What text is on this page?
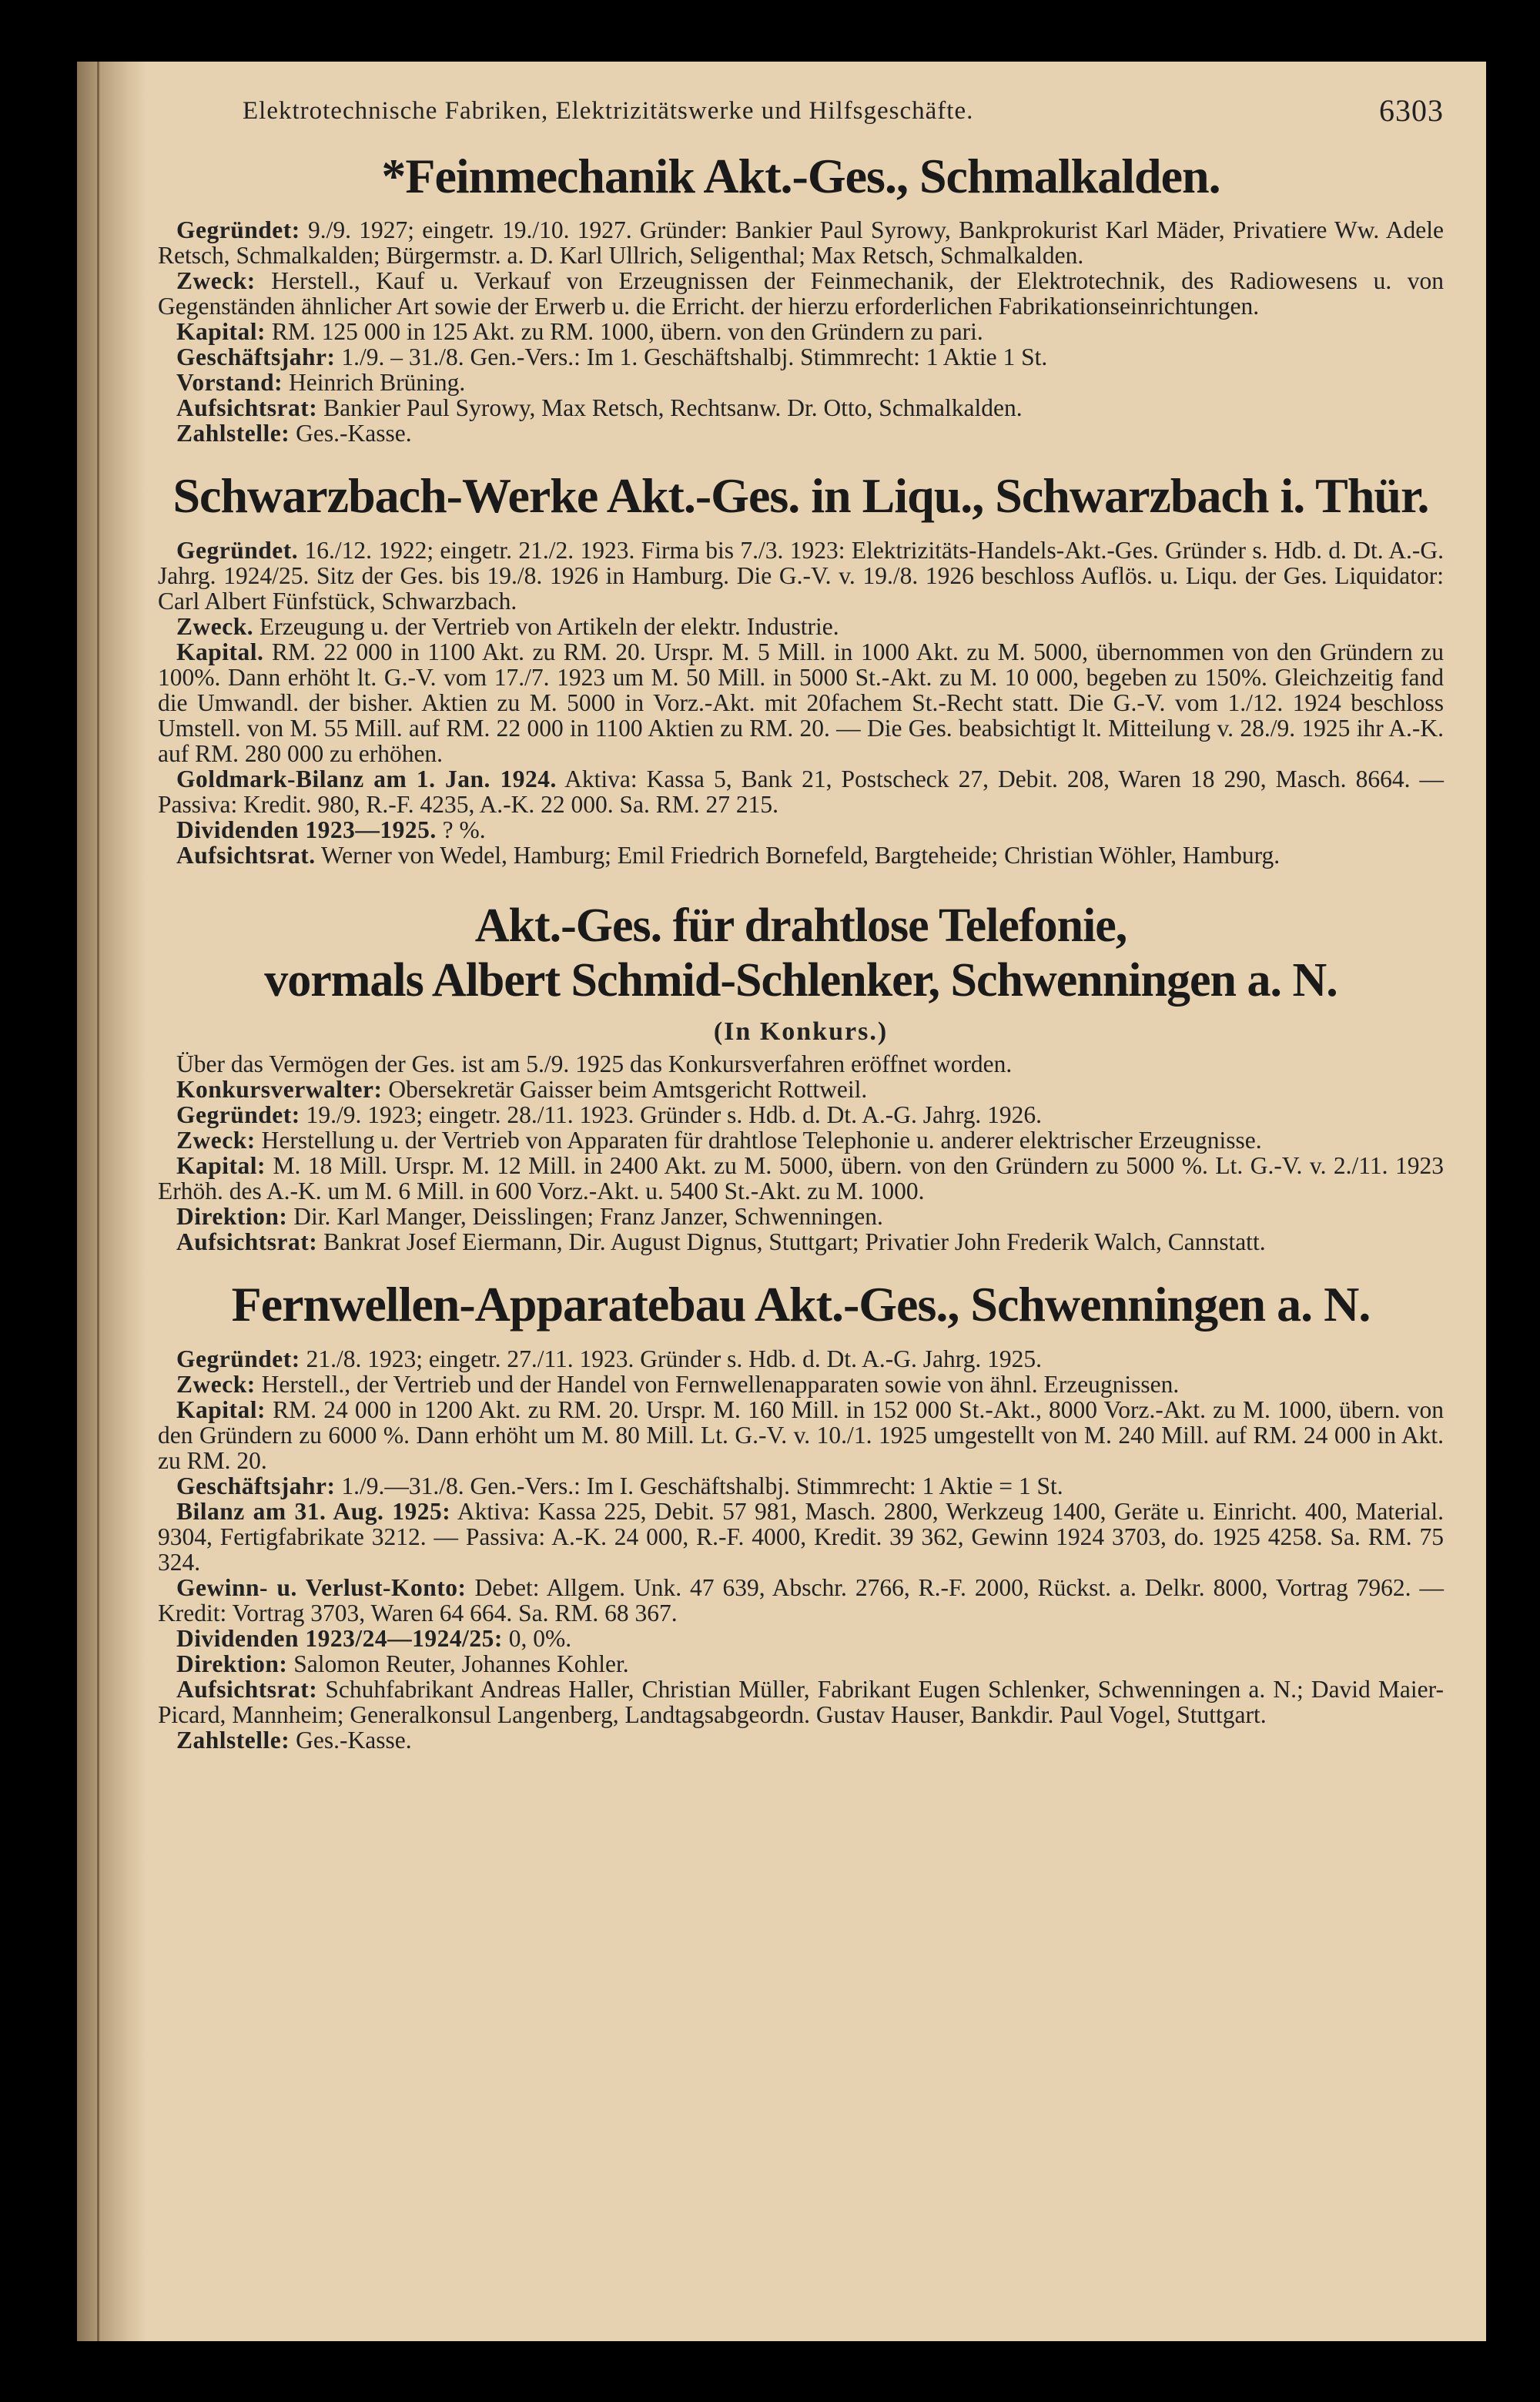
Elektrotechnische Fabriken, Elektrizitätswerke und Hilfsgeschäfte.	6303
*Feinmechanik Akt.-Ges., Schmalkalden.

Gegründet: 9./9. 1927; eingetr. 19./10. 1927. Gründer: Bankier Paul Syrowy, Bankprokurist Karl Mäder, Privatiere Ww. Adele Retsch, Schmalkalden; Bürgermstr. a. D. Karl Ullrich, Seligenthal; Max Retsch, Schmalkalden.

Zweck: Herstell., Kauf u. Verkauf von Erzeugnissen der Feinmechanik, der Elektrotechnik, des Radiowesens u. von Gegenständen ähnlicher Art sowie der Erwerb u. die Erricht. der hierzu erforderlichen Fabrikationseinrichtungen.

Kapital: RM. 125 000 in 125 Akt. zu RM. 1000, übern. von den Gründern zu pari.

Geschäftsjahr: 1./9. – 31./8. Gen.-Vers.: Im 1. Geschäftshalbj. Stimmrecht: 1 Aktie 1 St.

Vorstand: Heinrich Brüning.

Aufsichtsrat: Bankier Paul Syrowy, Max Retsch, Rechtsanw. Dr. Otto, Schmalkalden.

Zahlstelle: Ges.-Kasse.

Schwarzbach-Werke Akt.-Ges. in Liqu., Schwarzbach i. Thür.

Gegründet. 16./12. 1922; eingetr. 21./2. 1923. Firma bis 7./3. 1923: Elektrizitäts-Handels-Akt.-Ges. Gründer s. Hdb. d. Dt. A.-G. Jahrg. 1924/25. Sitz der Ges. bis 19./8. 1926 in Hamburg. Die G.-V. v. 19./8. 1926 beschloss Auflös. u. Liqu. der Ges. Liquidator: Carl Albert Fünfstück, Schwarzbach.

Zweck. Erzeugung u. der Vertrieb von Artikeln der elektr. Industrie.

Kapital. RM. 22 000 in 1100 Akt. zu RM. 20. Urspr. M. 5 Mill. in 1000 Akt. zu M. 5000, übernommen von den Gründern zu 100%. Dann erhöht lt. G.-V. vom 17./7. 1923 um M. 50 Mill. in 5000 St.-Akt. zu M. 10 000, begeben zu 150%. Gleichzeitig fand die Umwandl. der bisher. Aktien zu M. 5000 in Vorz.-Akt. mit 20fachem St.-Recht statt. Die G.-V. vom 1./12. 1924 beschloss Umstell. von M. 55 Mill. auf RM. 22 000 in 1100 Aktien zu RM. 20. — Die Ges. beabsichtigt lt. Mitteilung v. 28./9. 1925 ihr A.-K. auf RM. 280 000 zu erhöhen.

Goldmark-Bilanz am 1. Jan. 1924. Aktiva: Kassa 5, Bank 21, Postscheck 27, Debit. 208, Waren 18 290, Masch. 8664. — Passiva: Kredit. 980, R.-F. 4235, A.-K. 22 000. Sa. RM. 27 215.

Dividenden 1923—1925. ? %.

Aufsichtsrat. Werner von Wedel, Hamburg; Emil Friedrich Bornefeld, Bargteheide; Christian Wöhler, Hamburg.

Akt.-Ges. für drahtlose Telefonie,
vormals Albert Schmid-Schlenker, Schwenningen a. N.
(In Konkurs.)

Über das Vermögen der Ges. ist am 5./9. 1925 das Konkursverfahren eröffnet worden.

Konkursverwalter: Obersekretär Gaisser beim Amtsgericht Rottweil.

Gegründet: 19./9. 1923; eingetr. 28./11. 1923. Gründer s. Hdb. d. Dt. A.-G. Jahrg. 1926.

Zweck: Herstellung u. der Vertrieb von Apparaten für drahtlose Telephonie u. anderer elektrischer Erzeugnisse.

Kapital: M. 18 Mill. Urspr. M. 12 Mill. in 2400 Akt. zu M. 5000, übern. von den Gründern zu 5000 %. Lt. G.-V. v. 2./11. 1923 Erhöh. des A.-K. um M. 6 Mill. in 600 Vorz.-Akt. u. 5400 St.-Akt. zu M. 1000.

Direktion: Dir. Karl Manger, Deisslingen; Franz Janzer, Schwenningen.

Aufsichtsrat: Bankrat Josef Eiermann, Dir. August Dignus, Stuttgart; Privatier John Frederik Walch, Cannstatt.

Fernwellen-Apparatebau Akt.-Ges., Schwenningen a. N.

Gegründet: 21./8. 1923; eingetr. 27./11. 1923. Gründer s. Hdb. d. Dt. A.-G. Jahrg. 1925.

Zweck: Herstell., der Vertrieb und der Handel von Fernwellenapparaten sowie von ähnl. Erzeugnissen.

Kapital: RM. 24 000 in 1200 Akt. zu RM. 20. Urspr. M. 160 Mill. in 152 000 St.-Akt., 8000 Vorz.-Akt. zu M. 1000, übern. von den Gründern zu 6000 %. Dann erhöht um M. 80 Mill. Lt. G.-V. v. 10./1. 1925 umgestellt von M. 240 Mill. auf RM. 24 000 in Akt. zu RM. 20.

Geschäftsjahr: 1./9.—31./8. Gen.-Vers.: Im I. Geschäftshalbj. Stimmrecht: 1 Aktie = 1 St.

Bilanz am 31. Aug. 1925: Aktiva: Kassa 225, Debit. 57 981, Masch. 2800, Werkzeug 1400, Geräte u. Einricht. 400, Material. 9304, Fertigfabrikate 3212. — Passiva: A.-K. 24 000, R.-F. 4000, Kredit. 39 362, Gewinn 1924 3703, do. 1925 4258. Sa. RM. 75 324.

Gewinn- u. Verlust-Konto: Debet: Allgem. Unk. 47 639, Abschr. 2766, R.-F. 2000, Rückst. a. Delkr. 8000, Vortrag 7962. — Kredit: Vortrag 3703, Waren 64 664. Sa. RM. 68 367.

Dividenden 1923/24—1924/25: 0, 0%.

Direktion: Salomon Reuter, Johannes Kohler.

Aufsichtsrat: Schuhfabrikant Andreas Haller, Christian Müller, Fabrikant Eugen Schlenker, Schwenningen a. N.; David Maier-Picard, Mannheim; Generalkonsul Langenberg, Landtagsabgeordn. Gustav Hauser, Bankdir. Paul Vogel, Stuttgart.

Zahlstelle: Ges.-Kasse.
